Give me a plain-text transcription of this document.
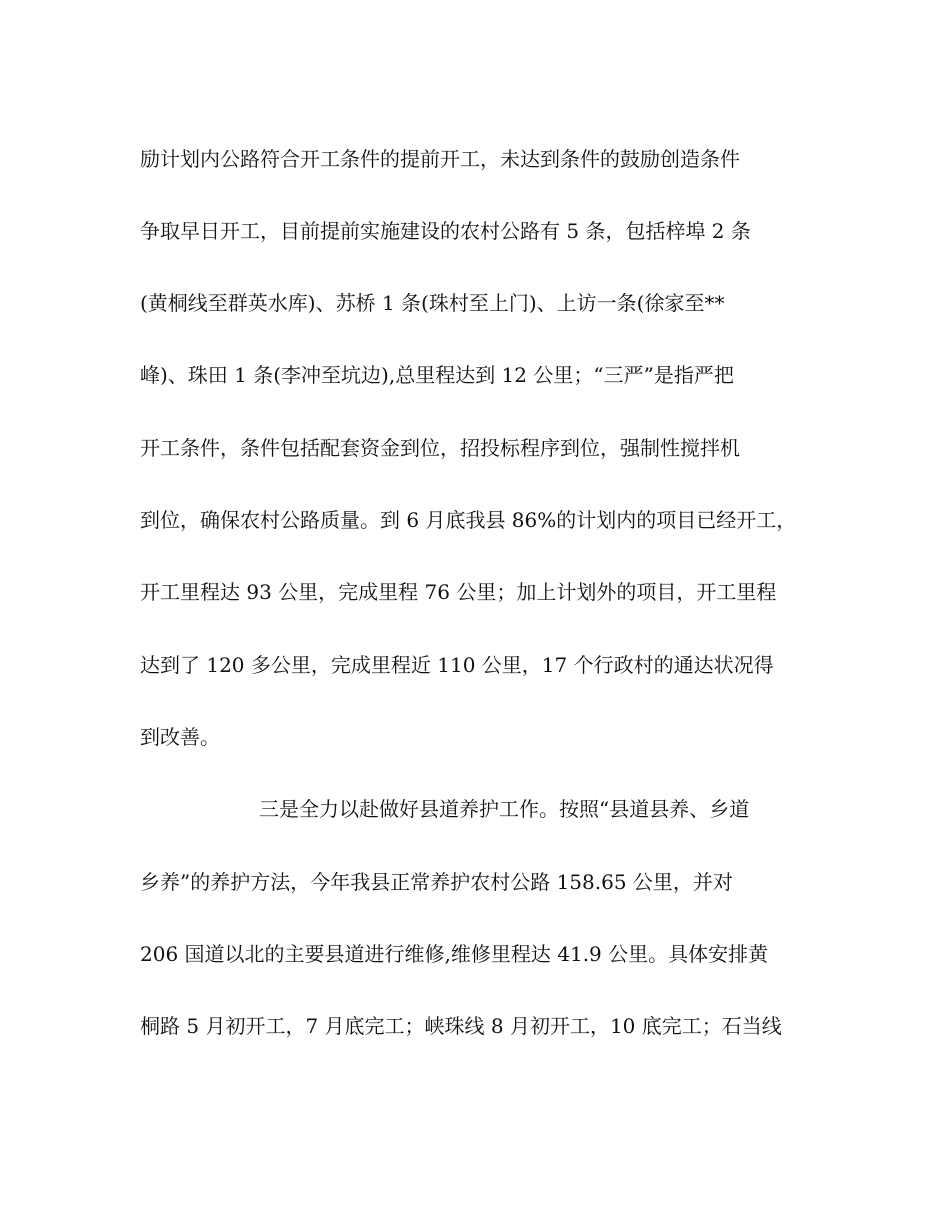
励计划内公路符合开工条件的提前开工，未达到条件的鼓励创造条件
争取早日开工，目前提前实施建设的农村公路有 5 条，包括梓埠 2 条
(黄桐线至群英水库)、苏桥 1 条(珠村至上门)、上访一条(徐家至**
峰)、珠田 1 条(李冲至坑边),总里程达到 12 公里；“三严”是指严把
开工条件，条件包括配套资金到位，招投标程序到位，强制性搅拌机
到位，确保农村公路质量。到 6 月底我县 86%的计划内的项目已经开工，
开工里程达 93 公里，完成里程 76 公里；加上计划外的项目，开工里程
达到了 120 多公里，完成里程近 110 公里，17 个行政村的通达状况得
到改善。
三是全力以赴做好县道养护工作。按照“县道县养、乡道
乡养”的养护方法，今年我县正常养护农村公路 158.65 公里，并对
206 国道以北的主要县道进行维修,维修里程达 41.9 公里。具体安排黄
桐路 5 月初开工，7 月底完工；峡珠线 8 月初开工，10 底完工；石当线
